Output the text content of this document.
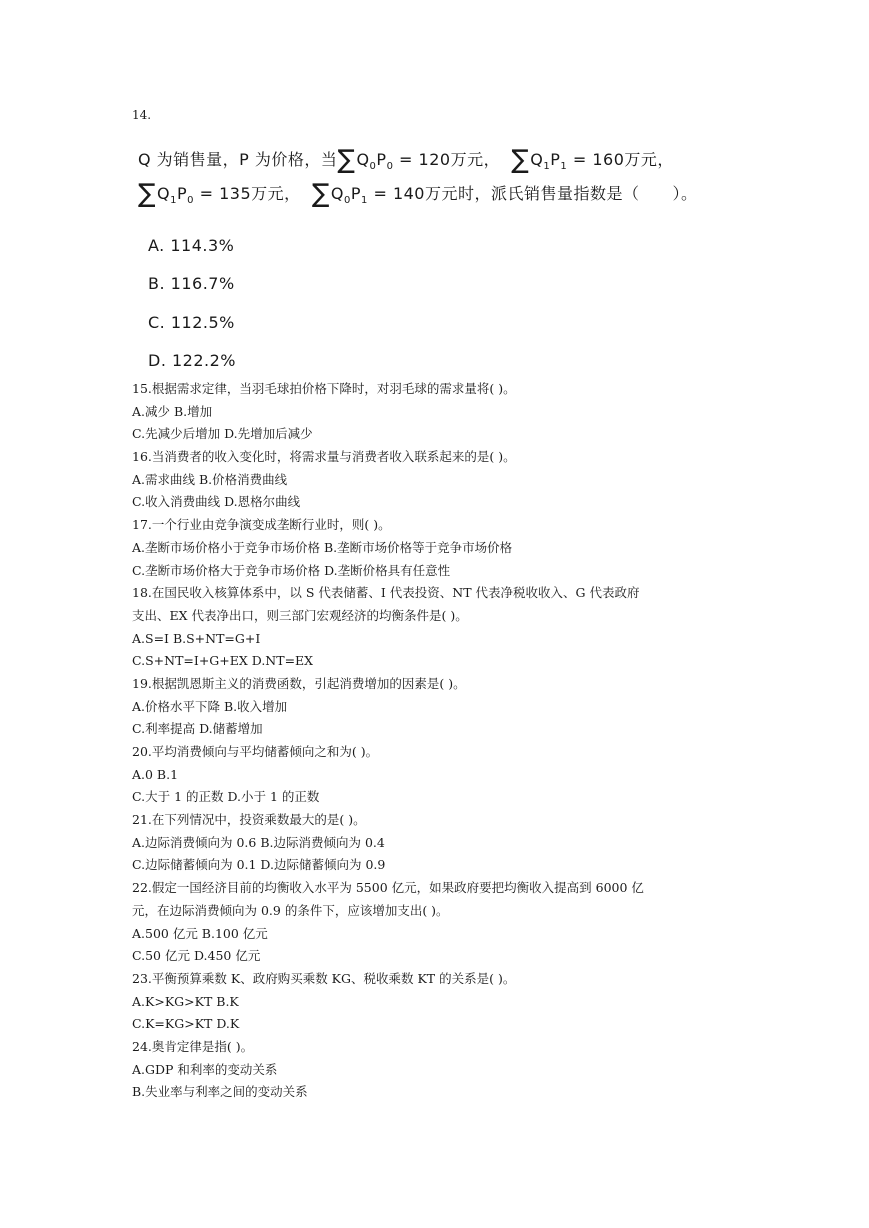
14.
Q 为销售量，P 为价格，当$\sum Q_0P_0 = 120$万元， $\sum Q_1P_1 = 160$万元，
$\sum Q_1P_0 = 135$万元， $\sum Q_0P_1 = 140$万元时，派氏销售量指数是（　　）。
A. 114.3%
B. 116.7%
C. 112.5%
D. 122.2%
15.根据需求定律，当羽毛球拍价格下降时，对羽毛球的需求量将( )。
A.减少 B.增加
C.先减少后增加 D.先增加后减少
16.当消费者的收入变化时，将需求量与消费者收入联系起来的是( )。
A.需求曲线 B.价格消费曲线
C.收入消费曲线 D.恩格尔曲线
17.一个行业由竞争演变成垄断行业时，则( )。
A.垄断市场价格小于竞争市场价格 B.垄断市场价格等于竞争市场价格
C.垄断市场价格大于竞争市场价格 D.垄断价格具有任意性
18.在国民收入核算体系中，以 S 代表储蓄、I 代表投资、NT 代表净税收收入、G 代表政府
支出、EX 代表净出口，则三部门宏观经济的均衡条件是( )。
A.S=I B.S+NT=G+I
C.S+NT=I+G+EX D.NT=EX
19.根据凯恩斯主义的消费函数，引起消费增加的因素是( )。
A.价格水平下降 B.收入增加
C.利率提高 D.储蓄增加
20.平均消费倾向与平均储蓄倾向之和为( )。
A.0 B.1
C.大于 1 的正数 D.小于 1 的正数
21.在下列情况中，投资乘数最大的是( )。
A.边际消费倾向为 0.6 B.边际消费倾向为 0.4
C.边际储蓄倾向为 0.1 D.边际储蓄倾向为 0.9
22.假定一国经济目前的均衡收入水平为 5500 亿元，如果政府要把均衡收入提高到 6000 亿
元，在边际消费倾向为 0.9 的条件下，应该增加支出( )。
A.500 亿元 B.100 亿元
C.50 亿元 D.450 亿元
23.平衡预算乘数 K、政府购买乘数 KG、税收乘数 KT 的关系是( )。
A.K>KG>KT B.K
C.K=KG>KT D.K
24.奥肯定律是指( )。
A.GDP 和利率的变动关系
B.失业率与利率之间的变动关系
